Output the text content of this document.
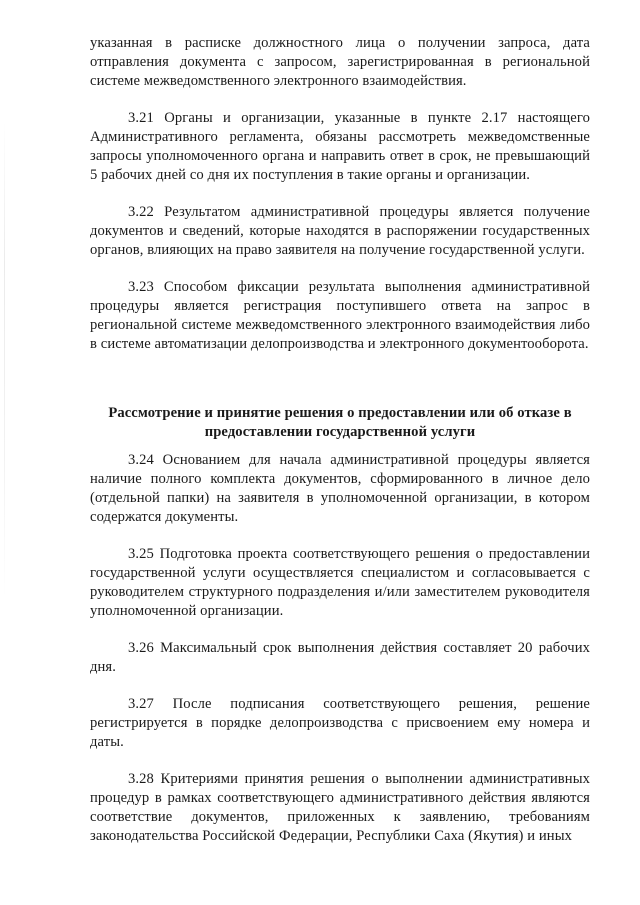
указанная в расписке должностного лица о получении запроса, дата отправления документа с запросом, зарегистрированная в региональной системе межведомственного электронного взаимодействия.

3.21 Органы и организации, указанные в пункте 2.17 настоящего Административного регламента, обязаны рассмотреть межведомственные запросы уполномоченного органа и направить ответ в срок, не превышающий 5 рабочих дней со дня их поступления в такие органы и организации.

3.22 Результатом административной процедуры является получение документов и сведений, которые находятся в распоряжении государственных органов, влияющих на право заявителя на получение государственной услуги.

3.23 Способом фиксации результата выполнения административной процедуры является регистрация поступившего ответа на запрос в региональной системе межведомственного электронного взаимодействия либо в системе автоматизации делопроизводства и электронного документооборота.

Рассмотрение и принятие решения о предоставлении или об отказе в предоставлении государственной услуги

3.24 Основанием для начала административной процедуры является наличие полного комплекта документов, сформированного в личное дело (отдельной папки) на заявителя в уполномоченной организации, в котором содержатся документы.

3.25 Подготовка проекта соответствующего решения о предоставлении государственной услуги осуществляется специалистом и согласовывается с руководителем структурного подразделения и/или заместителем руководителя уполномоченной организации.

3.26 Максимальный срок выполнения действия составляет 20 рабочих дня.

3.27 После подписания соответствующего решения, решение регистрируется в порядке делопроизводства с присвоением ему номера и даты.

3.28 Критериями принятия решения о выполнении административных процедур в рамках соответствующего административного действия являются соответствие документов, приложенных к заявлению, требованиям законодательства Российской Федерации, Республики Саха (Якутия) и иных
